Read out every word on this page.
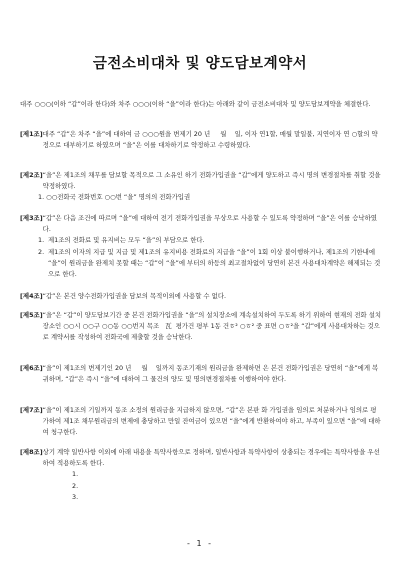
금전소비대차 및 양도담보계약서
대주 ○○○(이하 “갑”이라 한다)와 차주 ○○○(이하 “을”이라 한다)는 아래와 같이 금전소비대차 및 양도담보계약을 체결한다.
[제1조] 대주 “갑”은 차주 “을”에 대하여 금 ○○○원을 변제기 20 년     월    일, 이자 연1할, 매월 말일불, 지연이자 연 ○할의 약정으로 대부하기로 하였으며 “을”은 이를 대차하기로 약정하고 수령하였다.
[제2조] “을”은 제1조의 채무를 담보할 목적으로 그 소유인 하기 전화가입권을 “갑”에게 양도하고 즉시 명의 변경절차를 취할 것을 약정하였다.
1. ○○전화국 전화번호 ○○번 “을” 명의의 전화가입권
[제3조] “갑”은 다음 조건에 따르며 “을”에 대하여 전기 전화가입권을 무상으로 사용할 수 있도록 약정하며 “을”은 이를 승낙하였다.
1. 제1조의 전화료 및 유지비는 모두 “을”의 부담으로 한다.
2. 제1조의 이자의 지급 및 지급 및 제1조의 유지비용 전화료의 지급을 “을”이 1회 이상 불이행하거나, 제1조의 기한내에 “을”이 원리금을 완제치 못할 때는 “갑”이 “을”에 부터의 하등의 최고절차없이 당연히 본건 사용대차계약은 해제되는 것으로 한다.
[제4조] “갑”은 본건 양수전화가입권을 담보의 목적이외에 사용할 수 없다.
[제5조] “을”은 “갑”이 양도담보기간 중 본건 전화가입권을 “을”의 설치장소에 계속설치하여 두도록 하기 위하여 현재의 전화 설치장소인 ○○시 ○○구 ○○동 ○○번지 목조   瓦  평가건 평부 1동 건ㅎ² ○ㅎ² 중 표면 ○ㅎ²을 “갑”에게 사용대차하는 것으로 계약서를 작성하여 전화국에 제출할 것을 승낙한다.
[제6조] “을”이 제1조의 변제기인 20 년     월    일까지 동조기재의 원리금을 완제하면 은 본건 전화가입권은 당연히 “을”에게 복귀하며, “갑”은 즉시 “을”에 대하여 그 물건의 양도 및 명의변경절차를 이행하여야 한다.
[제7조] “을”이 제1조의 기일까지 동조 소정의 원리금을 지급하지 않으면, “갑”은 본판 화 가입권을 임의로 처분하거나 임의로 평가하여 제1조 채무원리금의 변제에 충당하고 만일 잔여금이 있으면 “을”에게 반환하여야 하고, 부족이 있으면 “을”에 대하여 청구한다.
[제8조] 상기 계약 일반사항 이외에 아래 내용을 특약사항으로 정하며, 일반사항과 특약사항이 상충되는 경우에는 특약사항을 우선하여 적용하도록 한다.
1.
2.
3.
- 1 -
